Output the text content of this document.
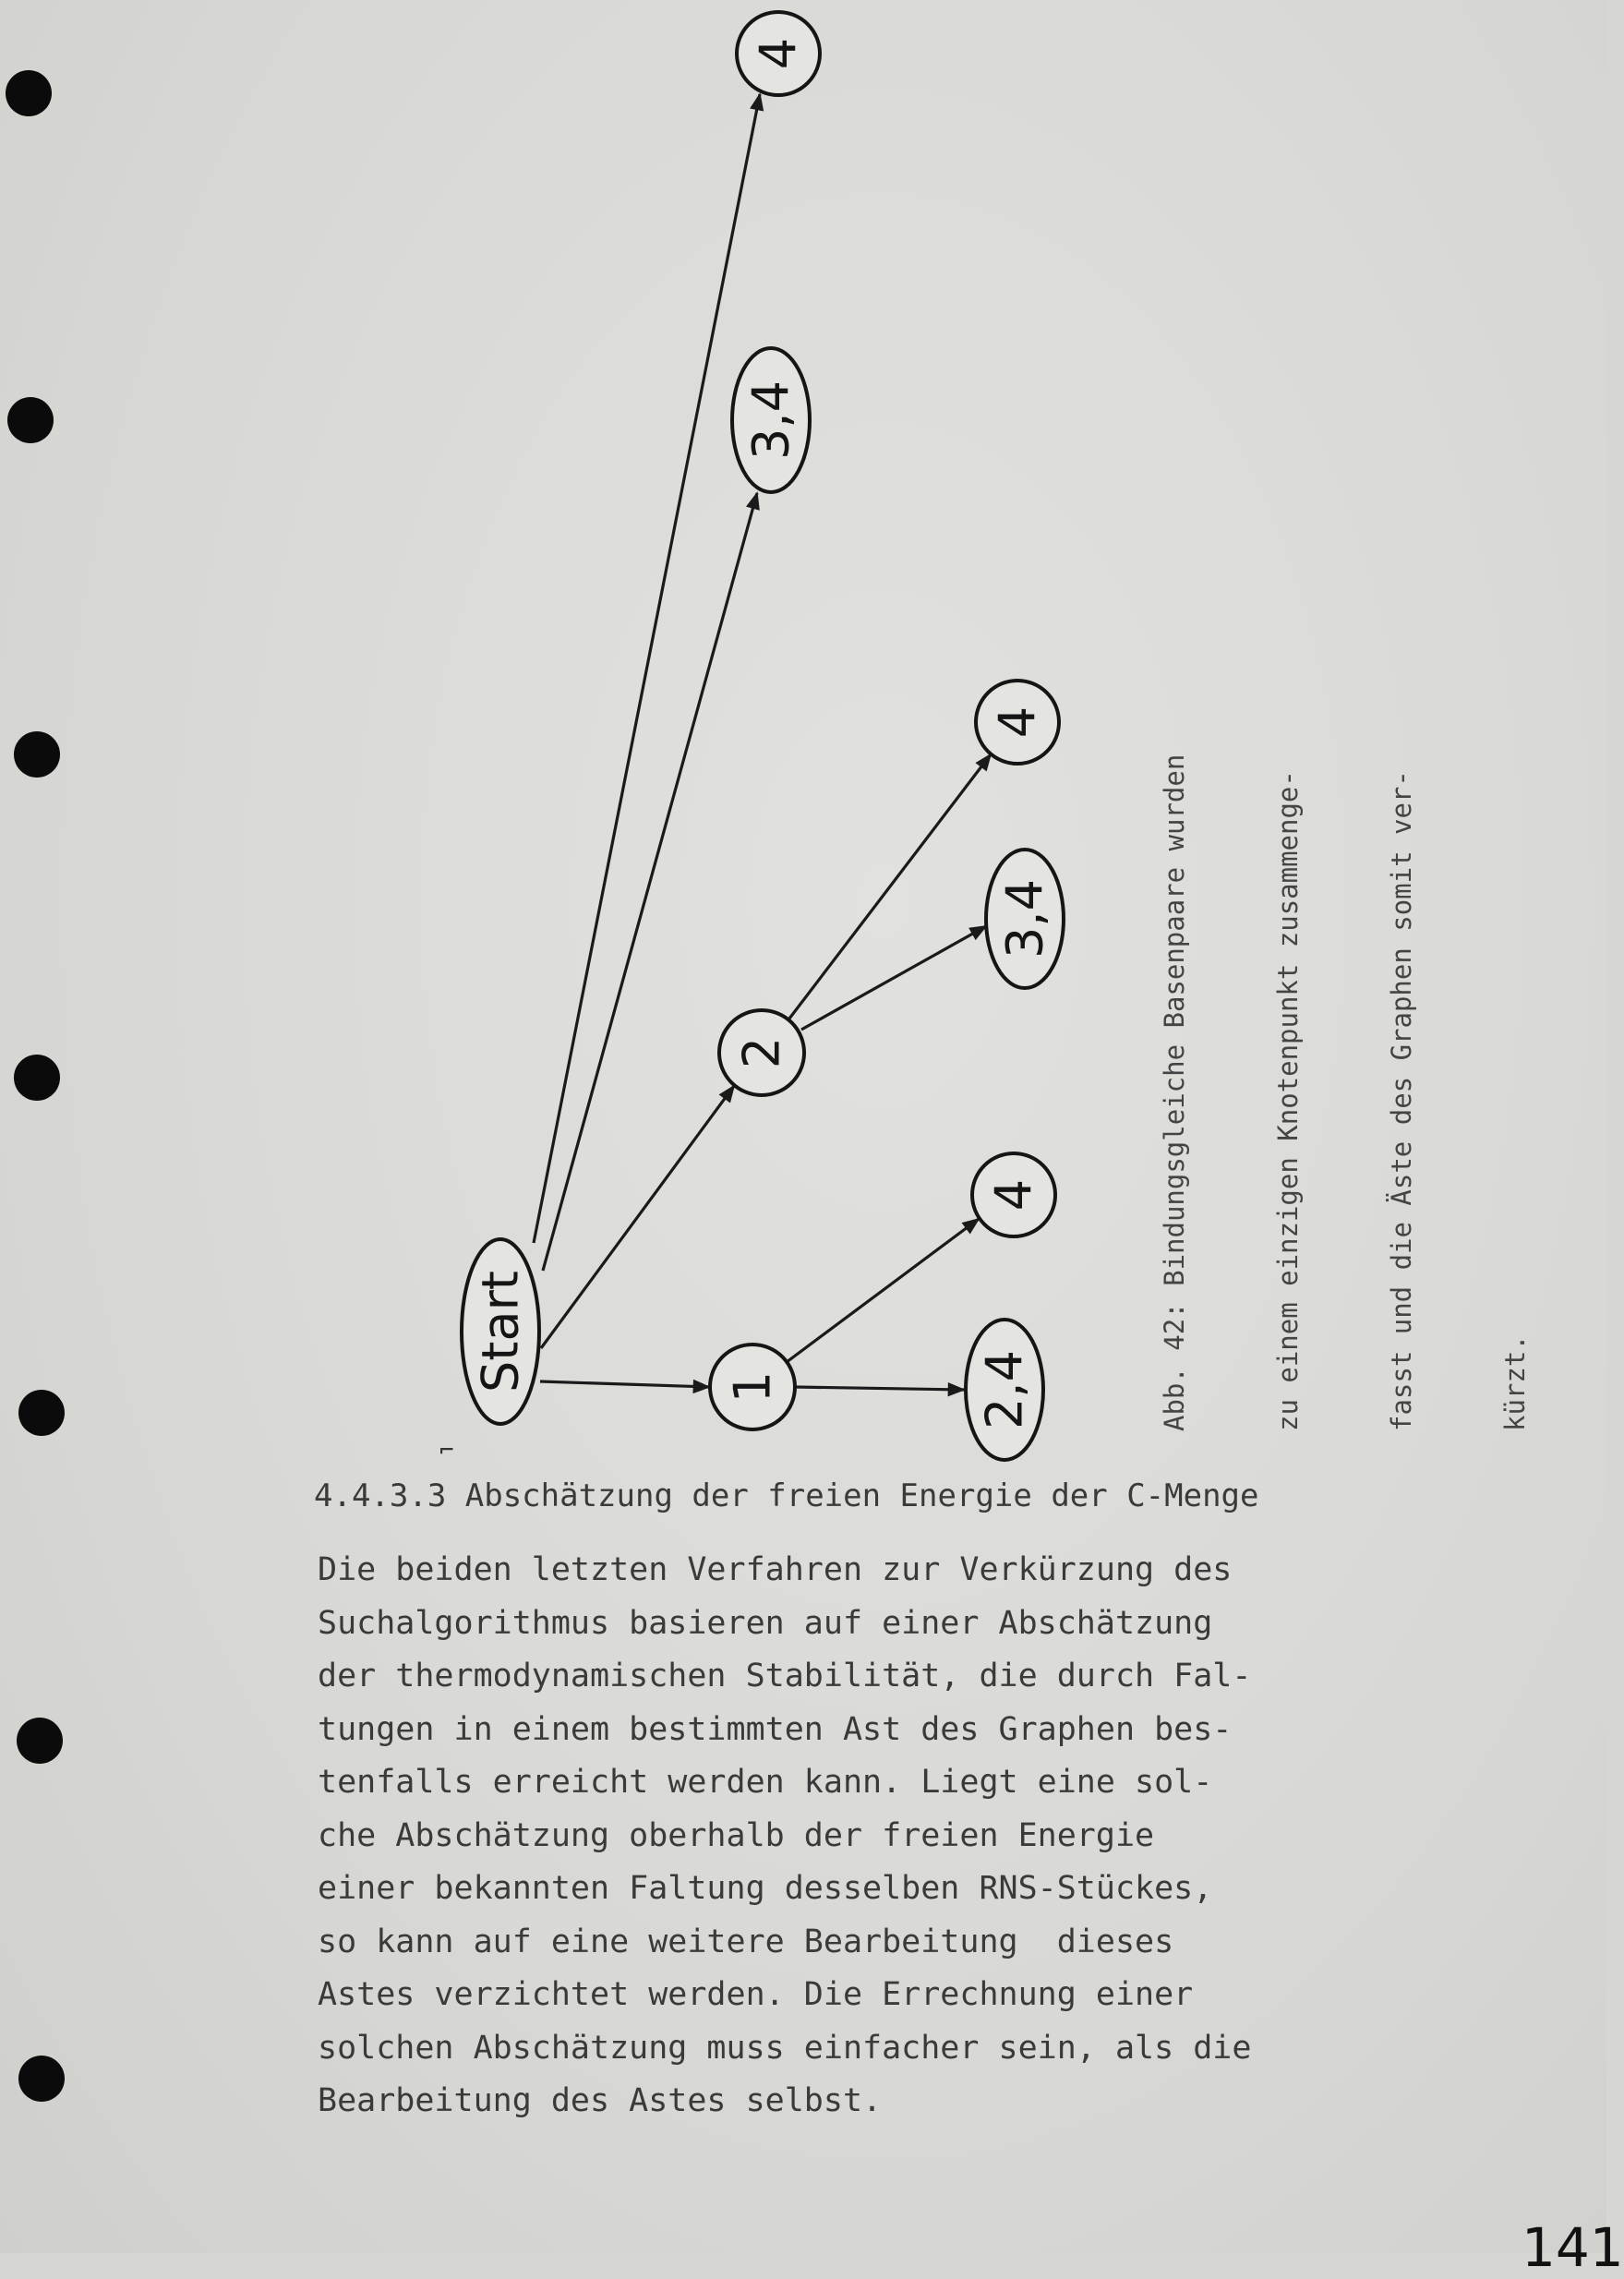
Start	1
2
2,4
4
3,4
4
3,4
4
⌐

Abb. 42: Bindungsgleiche Basenpaare wurden

	zu einem einzigen Knotenpunkt zusammenge-

	fasst und die Äste des Graphen somit ver-

	kürzt.

4.4.3.3 Abschätzung der freien Energie der C-Menge
Die beiden letzten Verfahren zur Verkürzung des
Suchalgorithmus basieren auf einer Abschätzung
der thermodynamischen Stabilität, die durch Fal-
tungen in einem bestimmten Ast des Graphen bes-
tenfalls erreicht werden kann. Liegt eine sol-
che Abschätzung oberhalb der freien Energie
einer bekannten Faltung desselben RNS-Stückes,
so kann auf eine weitere Bearbeitung  dieses
Astes verzichtet werden. Die Errechnung einer
solchen Abschätzung muss einfacher sein, als die
Bearbeitung des Astes selbst.
141
